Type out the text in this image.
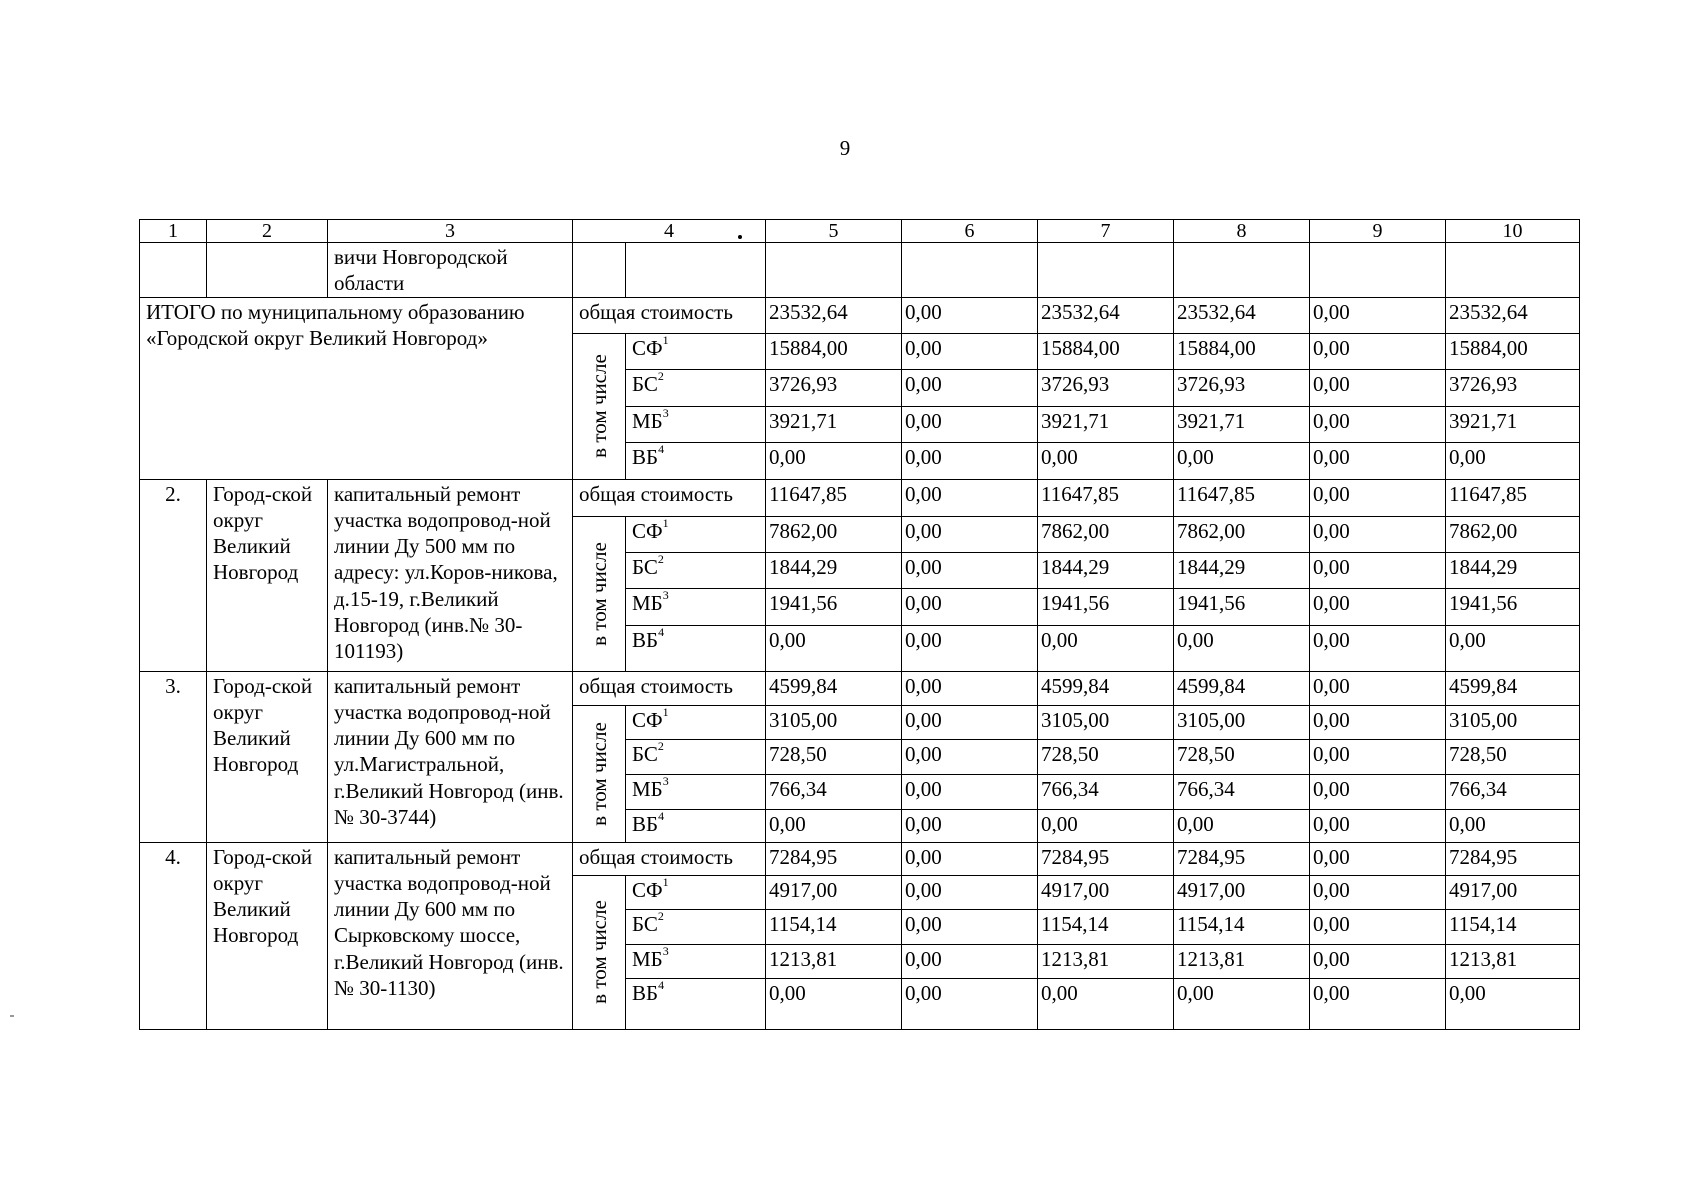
9
1	2	3	4		5	6	7	8	9	10
		вичи Новгородской области								
ИТОГО по муниципальному образованию «Городской округ Великий Новгород»			общая стоимость		23532,64	0,00	23532,64	23532,64	0,00	23532,64

			в том числе	$СФ^1$	15884,00	0,00	15884,00	15884,00	0,00	15884,00
				$БС^2$	3726,93	0,00	3726,93	3726,93	0,00	3726,93
				$МБ^3$	3921,71	0,00	3921,71	3921,71	0,00	3921,71
				$ВБ^4$	0,00	0,00	0,00	0,00	0,00	0,00
2.	Город-ской округ Великий Новгород	капитальный ремонт участка водопровод-ной линии Ду 500 мм по адресу: ул.Коров-никова, д.15-19, г.Великий Новгород (инв.№ 30-101193)	общая стоимость		11647,85	0,00	11647,85	11647,85	0,00	11647,85

			в том числе	$СФ^1$	7862,00	0,00	7862,00	7862,00	0,00	7862,00
				$БС^2$	1844,29	0,00	1844,29	1844,29	0,00	1844,29
				$МБ^3$	1941,56	0,00	1941,56	1941,56	0,00	1941,56
				$ВБ^4$	0,00	0,00	0,00	0,00	0,00	0,00
3.	Город-ской округ Великий Новгород	капитальный ремонт участка водопровод-ной линии Ду 600 мм по ул.Магистральной, г.Великий Новгород (инв.№ 30-3744)	общая стоимость		4599,84	0,00	4599,84	4599,84	0,00	4599,84

			в том числе	$СФ^1$	3105,00	0,00	3105,00	3105,00	0,00	3105,00
				$БС^2$	728,50	0,00	728,50	728,50	0,00	728,50
				$МБ^3$	766,34	0,00	766,34	766,34	0,00	766,34
				$ВБ^4$	0,00	0,00	0,00	0,00	0,00	0,00
4.	Город-ской округ Великий Новгород	капитальный ремонт участка водопровод-ной линии Ду 600 мм по Сырковскому шоссе, г.Великий Новгород (инв.№ 30-1130)	общая стоимость		7284,95	0,00	7284,95	7284,95	0,00	7284,95

			в том числе	$СФ^1$	4917,00	0,00	4917,00	4917,00	0,00	4917,00
				$БС^2$	1154,14	0,00	1154,14	1154,14	0,00	1154,14
				$МБ^3$	1213,81	0,00	1213,81	1213,81	0,00	1213,81
				$ВБ^4$	0,00	0,00	0,00	0,00	0,00	0,00
